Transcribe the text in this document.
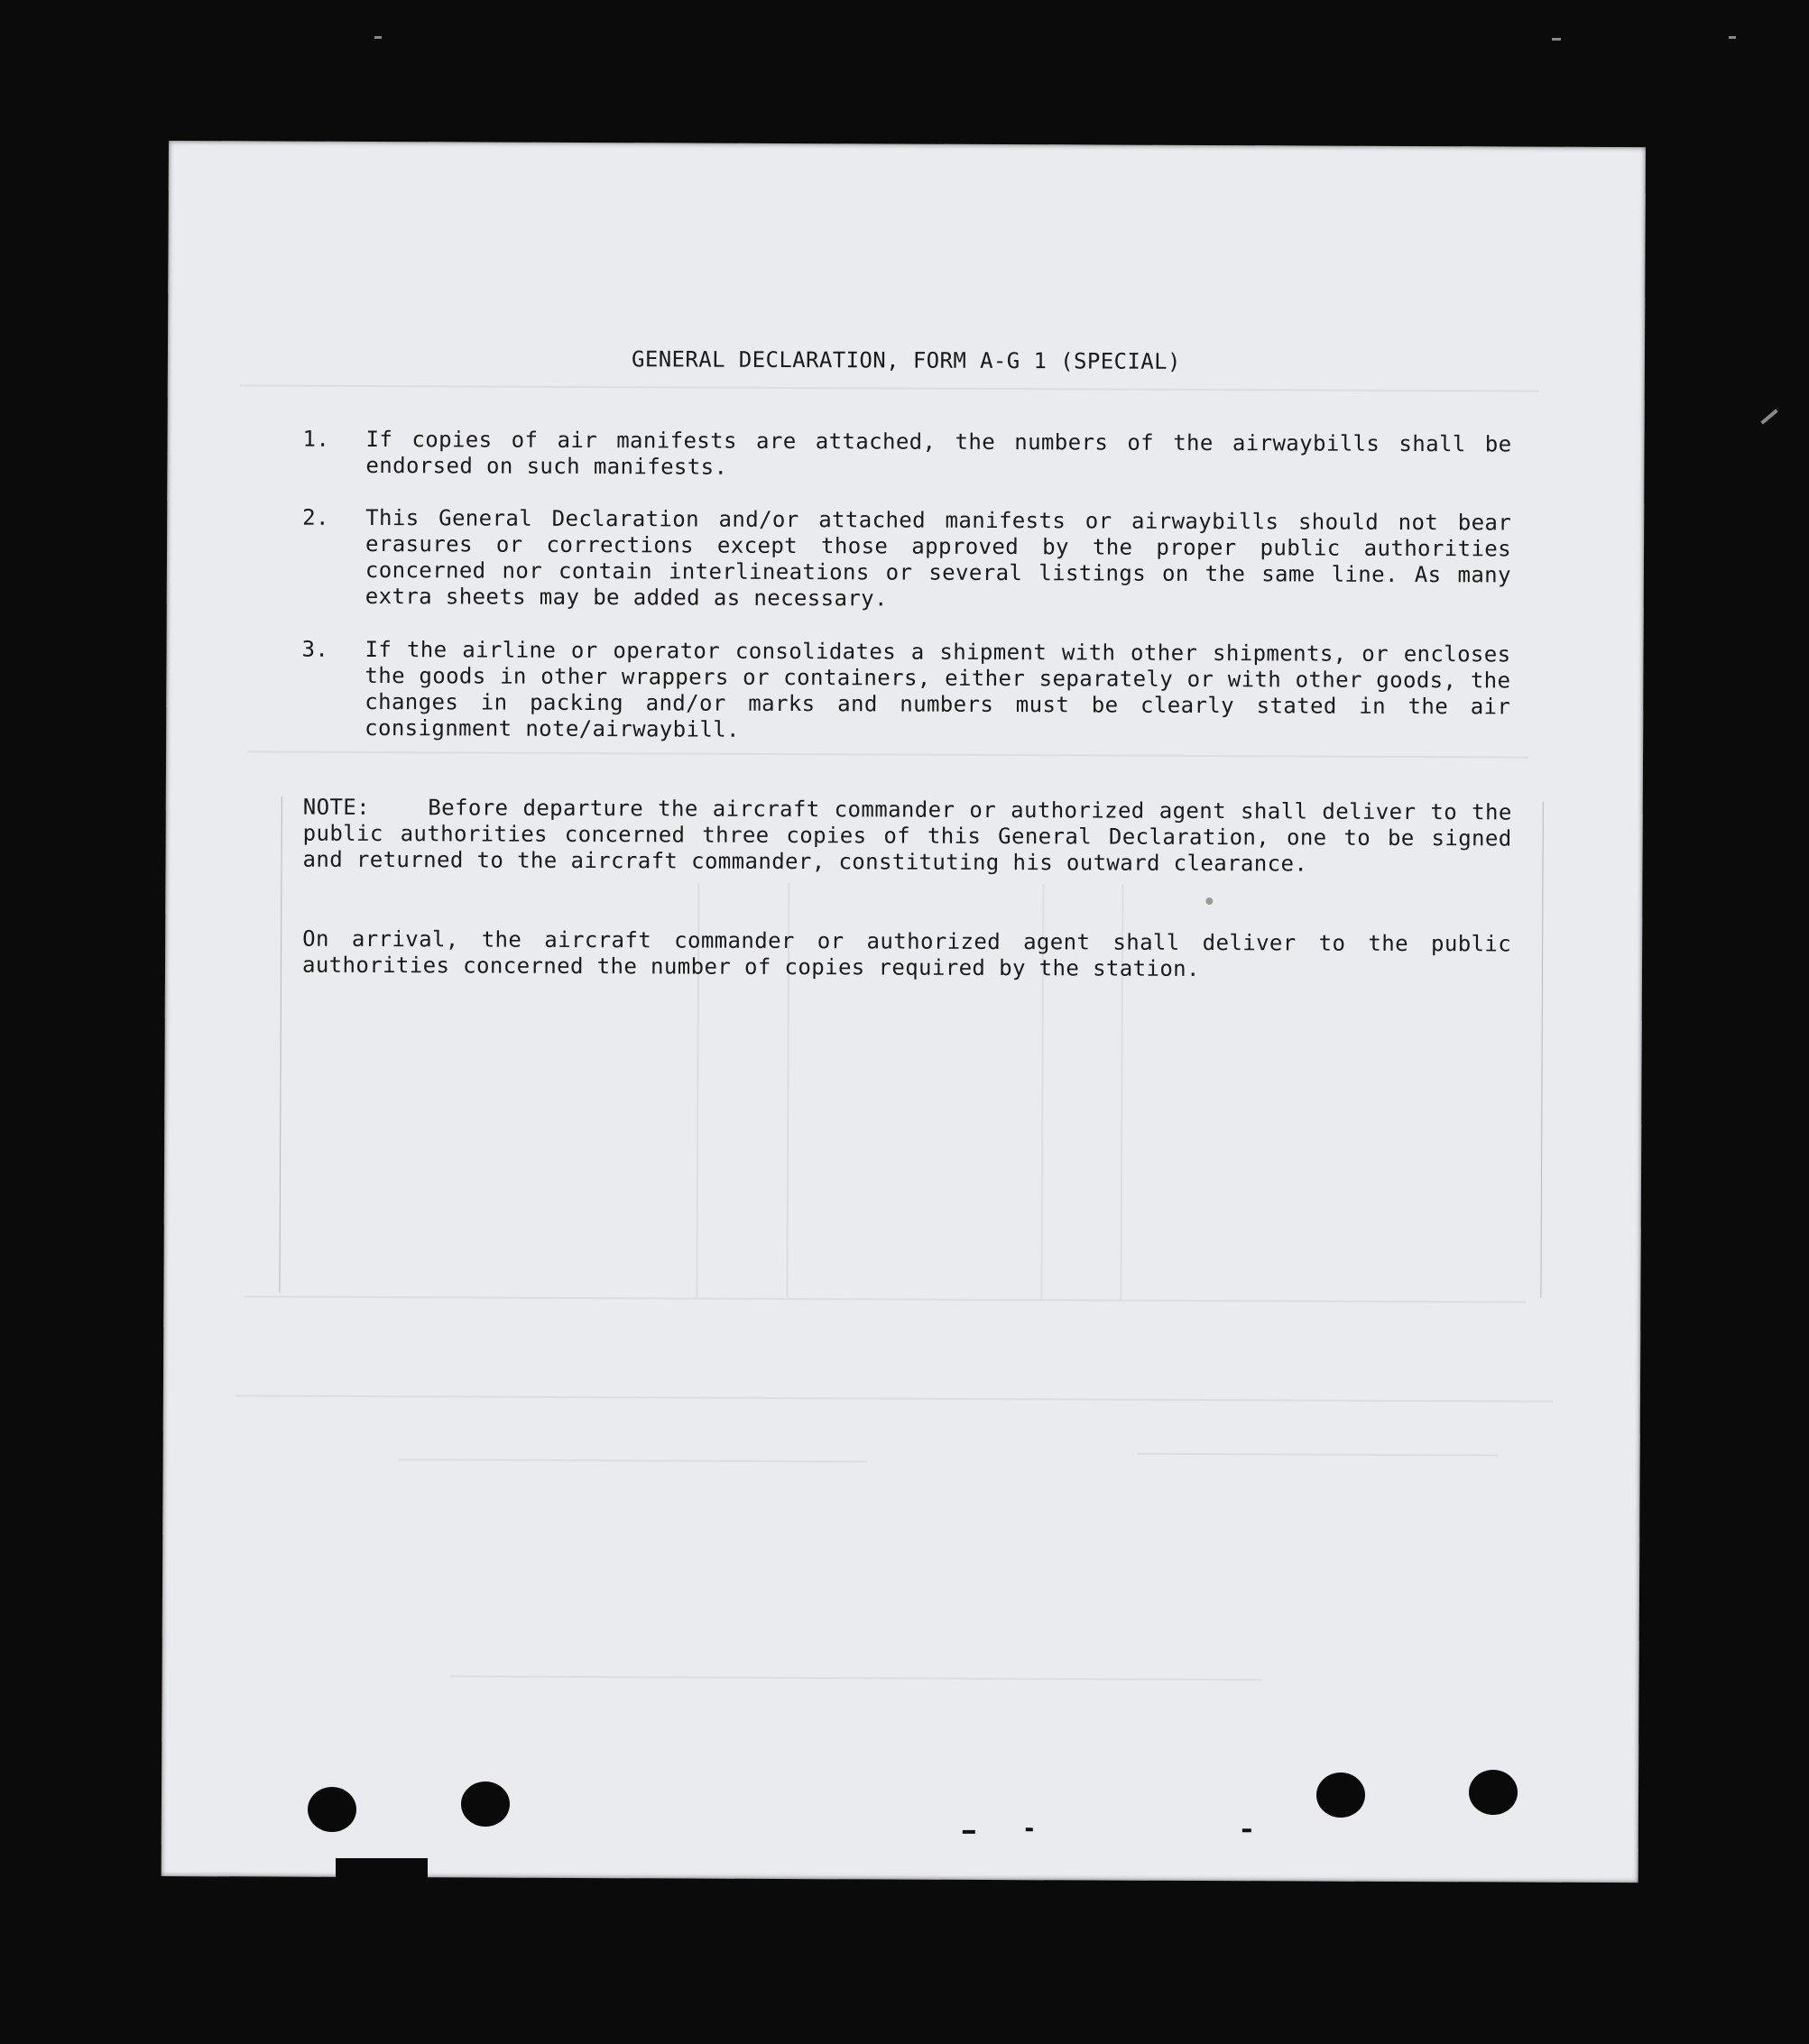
GENERAL DECLARATION, FORM A-G 1 (SPECIAL)
1.	If copies of air manifests are attached, the numbers of the airwaybills shall be endorsed on such manifests.
2.	This General Declaration and/or attached manifests or airwaybills should not bear erasures or corrections except those approved by the proper public authorities concerned nor contain interlineations or several listings on the same line. As many extra sheets may be added as necessary.
3.	If the airline or operator consolidates a shipment with other shipments, or encloses the goods in other wrappers or containers, either separately or with other goods, the changes in packing and/or marks and numbers must be clearly stated in the air consignment note/airwaybill.

NOTE:    Before departure the aircraft commander or authorized agent shall deliver to the public authorities concerned three copies of this General Declaration, one to be signed and returned to the aircraft commander, constituting his outward clearance.

On arrival, the aircraft commander or authorized agent shall deliver to the public authorities concerned the number of copies required by the station.
